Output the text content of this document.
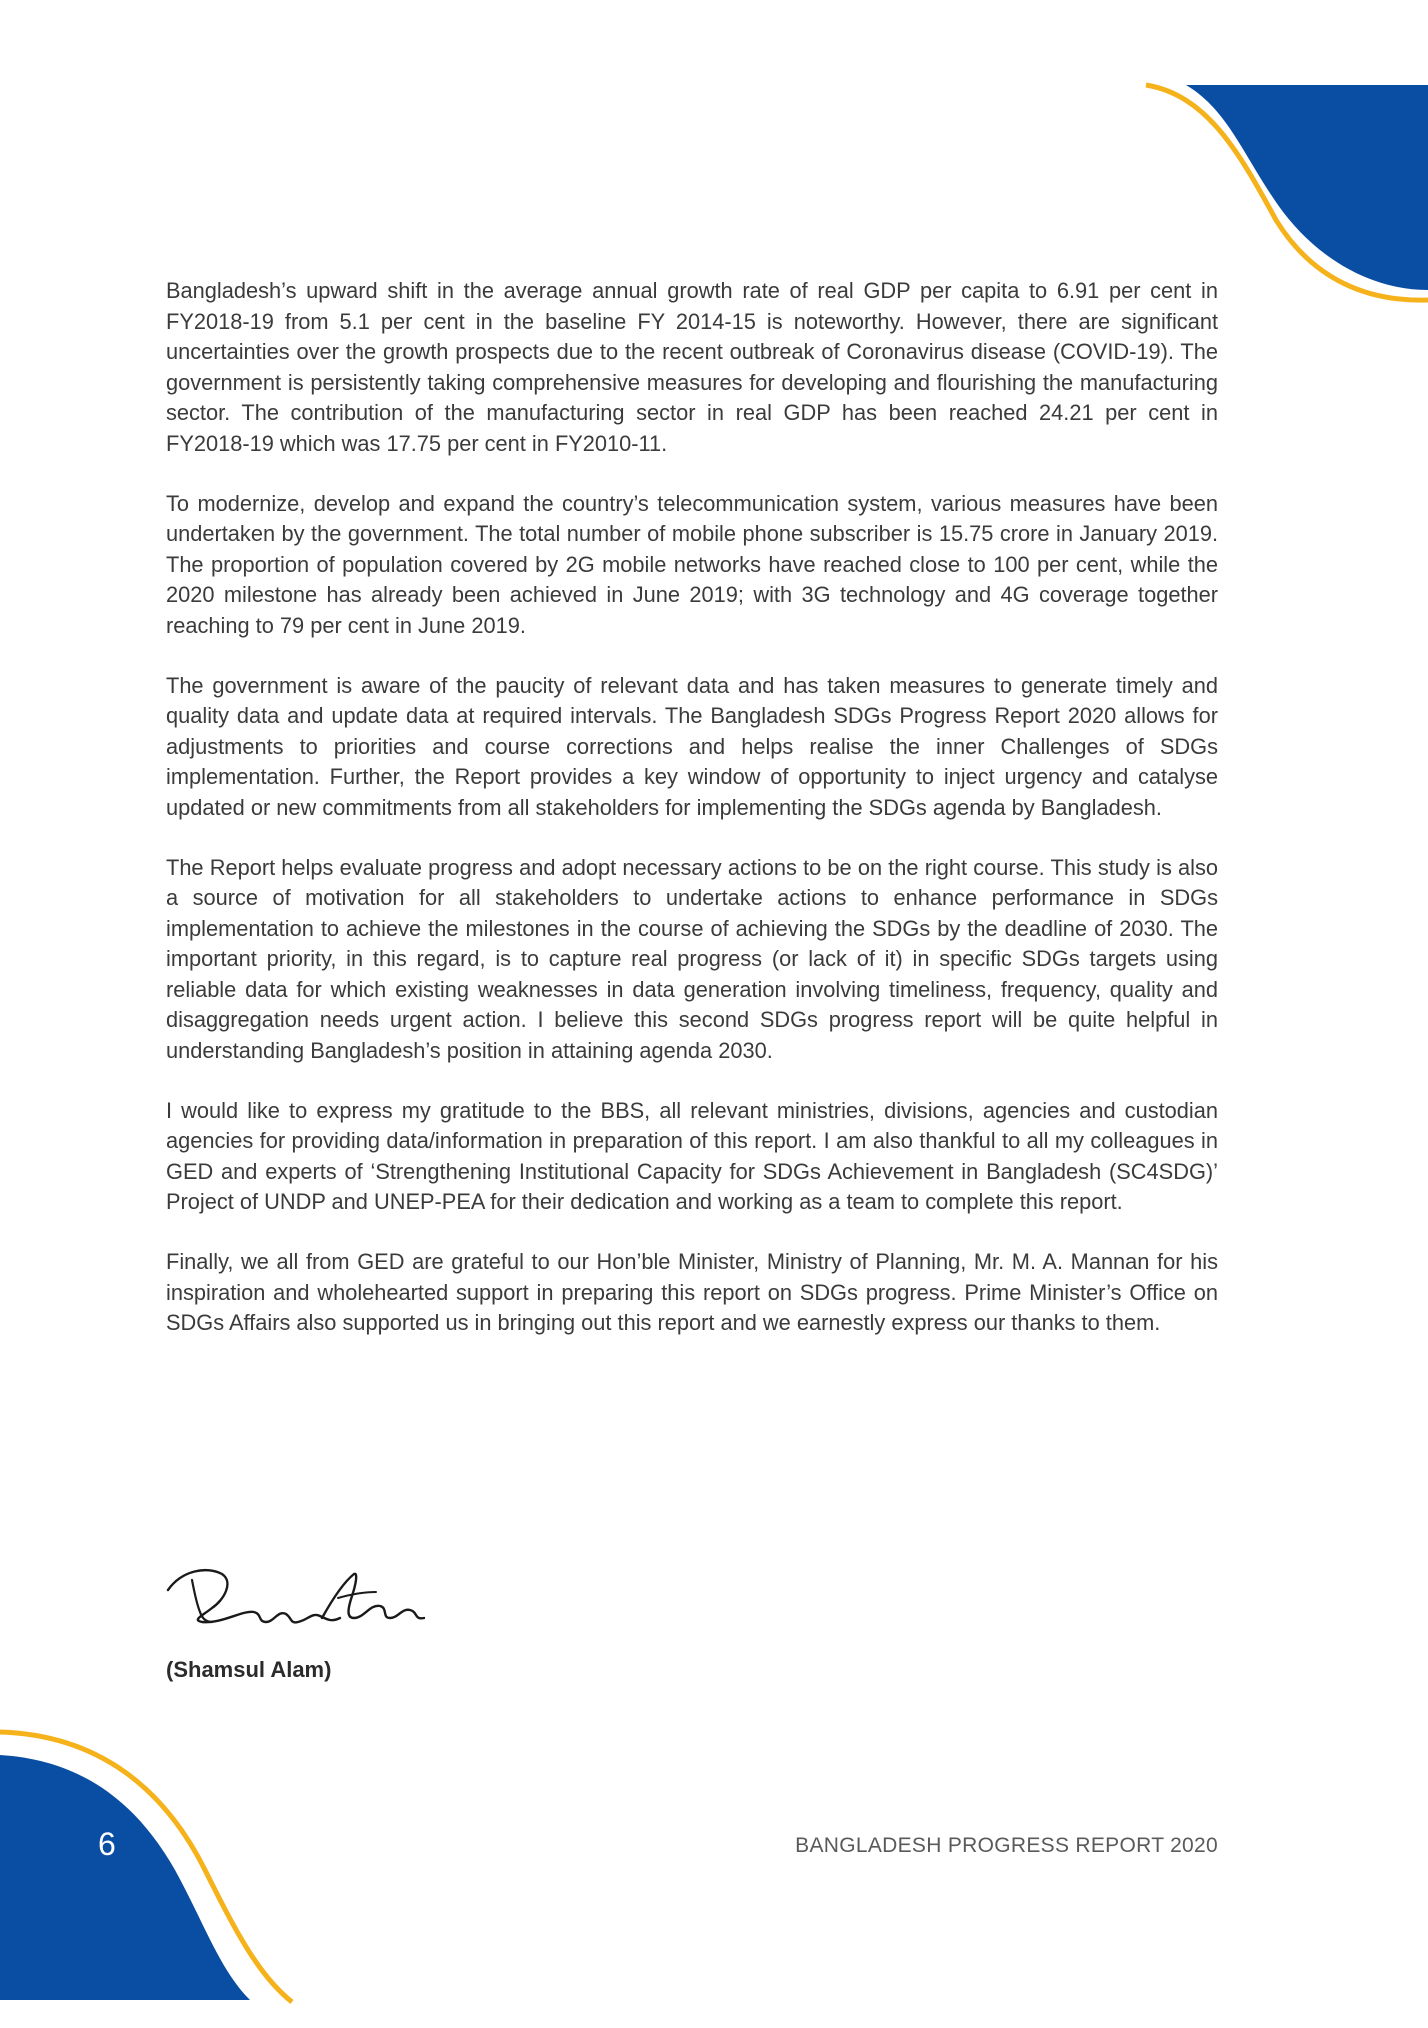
Bangladesh’s upward shift in the average annual growth rate of real GDP per capita to 6.91 per cent in FY2018-19 from 5.1 per cent in the baseline FY 2014-15 is noteworthy. However, there are significant uncertainties over the growth prospects due to the recent outbreak of Coronavirus disease (COVID-19). The government is persistently taking comprehensive measures for developing and flourishing the manufacturing sector. The contribution of the manufacturing sector in real GDP has been reached 24.21 per cent in FY2018-19 which was 17.75 per cent in FY2010-11.

To modernize, develop and expand the country’s telecommunication system, various measures have been undertaken by the government. The total number of mobile phone subscriber is 15.75 crore in January 2019. The proportion of population covered by 2G mobile networks have reached close to 100 per cent, while the 2020 milestone has already been achieved in June 2019; with 3G technology and 4G coverage together reaching to 79 per cent in June 2019.

The government is aware of the paucity of relevant data and has taken measures to generate timely and quality data and update data at required intervals. The Bangladesh SDGs Progress Report 2020 allows for adjustments to priorities and course corrections and helps realise the inner Challenges of SDGs implementation. Further, the Report provides a key window of opportunity to inject urgency and catalyse updated or new commitments from all stakeholders for implementing the SDGs agenda by Bangladesh.

The Report helps evaluate progress and adopt necessary actions to be on the right course. This study is also a source of motivation for all stakeholders to undertake actions to enhance performance in SDGs implementation to achieve the milestones in the course of achieving the SDGs by the deadline of 2030. The important priority, in this regard, is to capture real progress (or lack of it) in specific SDGs targets using reliable data for which existing weaknesses in data generation involving timeliness, frequency, quality and disaggregation needs urgent action. I believe this second SDGs progress report will be quite helpful in understanding Bangladesh’s position in attaining agenda 2030.

I would like to express my gratitude to the BBS, all relevant ministries, divisions, agencies and custodian agencies for providing data/information in preparation of this report. I am also thankful to all my colleagues in GED and experts of ‘Strengthening Institutional Capacity for SDGs Achievement in Bangladesh (SC4SDG)’ Project of UNDP and UNEP-PEA for their dedication and working as a team to complete this report.

Finally, we all from GED are grateful to our Hon’ble Minister, Ministry of Planning, Mr. M. A. Mannan for his inspiration and wholehearted support in preparing this report on SDGs progress. Prime Minister’s Office on SDGs Affairs also supported us in bringing out this report and we earnestly express our thanks to them.

(Shamsul Alam)
6	BANGLADESH PROGRESS REPORT 2020
